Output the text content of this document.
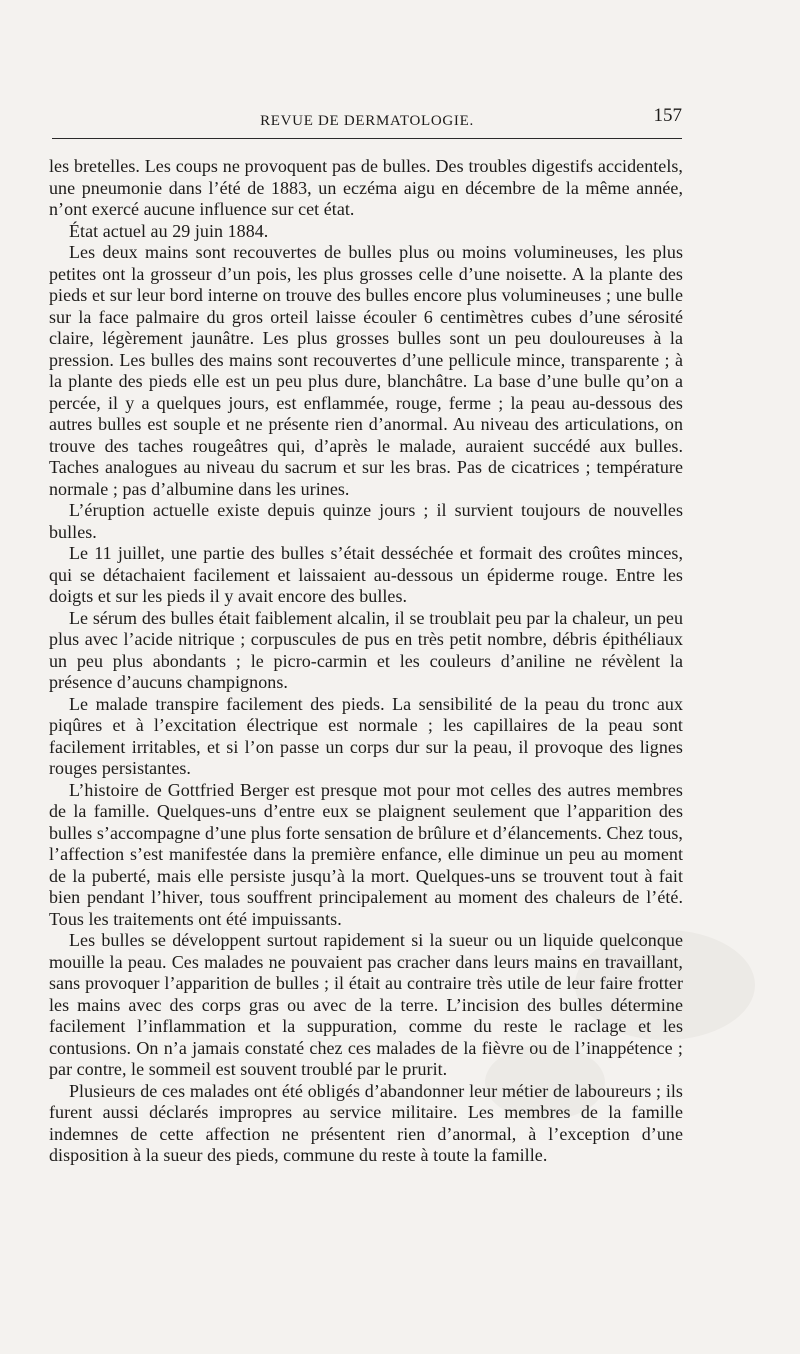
REVUE DE DERMATOLOGIE.	157

les bretelles. Les coups ne provoquent pas de bulles. Des troubles digestifs accidentels, une pneumonie dans l’été de 1883, un eczéma aigu en décembre de la même année, n’ont exercé aucune influence sur cet état.

État actuel au 29 juin 1884.

Les deux mains sont recouvertes de bulles plus ou moins volumineuses, les plus petites ont la grosseur d’un pois, les plus grosses celle d’une noisette. A la plante des pieds et sur leur bord interne on trouve des bulles encore plus volumineuses ; une bulle sur la face palmaire du gros orteil laisse écouler 6 centimètres cubes d’une sérosité claire, légèrement jaunâtre. Les plus grosses bulles sont un peu douloureuses à la pression. Les bulles des mains sont recouvertes d’une pellicule mince, transparente ; à la plante des pieds elle est un peu plus dure, blanchâtre. La base d’une bulle qu’on a percée, il y a quelques jours, est enflammée, rouge, ferme ; la peau au-dessous des autres bulles est souple et ne présente rien d’anormal. Au niveau des articulations, on trouve des taches rougeâtres qui, d’après le malade, auraient succédé aux bulles. Taches analogues au niveau du sacrum et sur les bras. Pas de cicatrices ; température normale ; pas d’albumine dans les urines.

L’éruption actuelle existe depuis quinze jours ; il survient toujours de nouvelles bulles.

Le 11 juillet, une partie des bulles s’était desséchée et formait des croûtes minces, qui se détachaient facilement et laissaient au-dessous un épiderme rouge. Entre les doigts et sur les pieds il y avait encore des bulles.

Le sérum des bulles était faiblement alcalin, il se troublait peu par la chaleur, un peu plus avec l’acide nitrique ; corpuscules de pus en très petit nombre, débris épithéliaux un peu plus abondants ; le picro-carmin et les couleurs d’aniline ne révèlent la présence d’aucuns champignons.

Le malade transpire facilement des pieds. La sensibilité de la peau du tronc aux piqûres et à l’excitation électrique est normale ; les capillaires de la peau sont facilement irritables, et si l’on passe un corps dur sur la peau, il provoque des lignes rouges persistantes.

L’histoire de Gottfried Berger est presque mot pour mot celles des autres membres de la famille. Quelques-uns d’entre eux se plaignent seulement que l’apparition des bulles s’accompagne d’une plus forte sensation de brûlure et d’élancements. Chez tous, l’affection s’est manifestée dans la première enfance, elle diminue un peu au moment de la puberté, mais elle persiste jusqu’à la mort. Quelques-uns se trouvent tout à fait bien pendant l’hiver, tous souffrent principalement au moment des chaleurs de l’été. Tous les traitements ont été impuissants.

Les bulles se développent surtout rapidement si la sueur ou un liquide quelconque mouille la peau. Ces malades ne pouvaient pas cracher dans leurs mains en travaillant, sans provoquer l’apparition de bulles ; il était au contraire très utile de leur faire frotter les mains avec des corps gras ou avec de la terre. L’incision des bulles détermine facilement l’inflammation et la suppuration, comme du reste le raclage et les contusions. On n’a jamais constaté chez ces malades de la fièvre ou de l’inappétence ; par contre, le sommeil est souvent troublé par le prurit.

Plusieurs de ces malades ont été obligés d’abandonner leur métier de laboureurs ; ils furent aussi déclarés impropres au service militaire. Les membres de la famille indemnes de cette affection ne présentent rien d’anormal, à l’exception d’une disposition à la sueur des pieds, commune du reste à toute la famille.
